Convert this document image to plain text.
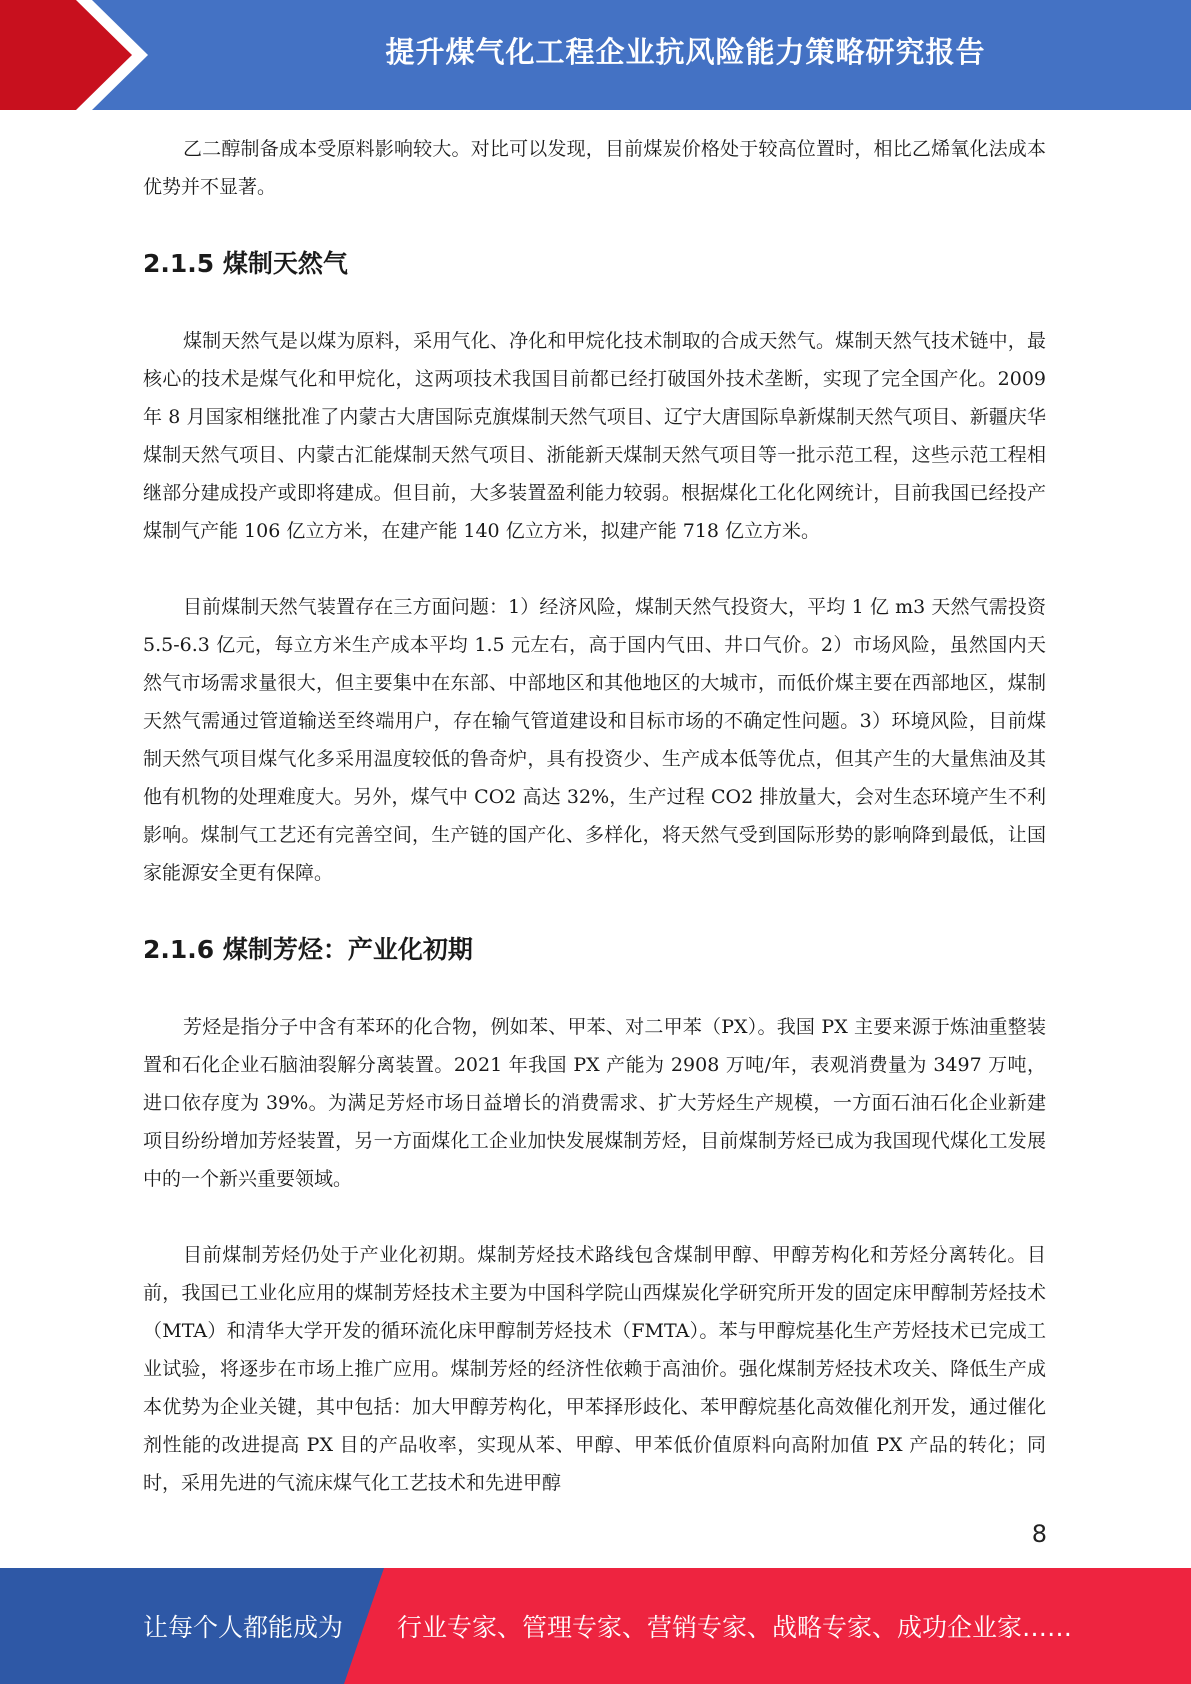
提升煤气化工程企业抗风险能力策略研究报告

乙二醇制备成本受原料影响较大。对比可以发现，目前煤炭价格处于较高位置时，相比乙烯氧化法成本优势并不显著。

2.1.5 煤制天然气

煤制天然气是以煤为原料，采用气化、净化和甲烷化技术制取的合成天然气。煤制天然气技术链中，最核心的技术是煤气化和甲烷化，这两项技术我国目前都已经打破国外技术垄断，实现了完全国产化。2009 年 8 月国家相继批准了内蒙古大唐国际克旗煤制天然气项目、辽宁大唐国际阜新煤制天然气项目、新疆庆华煤制天然气项目、内蒙古汇能煤制天然气项目、浙能新天煤制天然气项目等一批示范工程，这些示范工程相继部分建成投产或即将建成。但目前，大多装置盈利能力较弱。根据煤化工化化网统计，目前我国已经投产煤制气产能 106 亿立方米，在建产能 140 亿立方米，拟建产能 718 亿立方米。

目前煤制天然气装置存在三方面问题：1）经济风险，煤制天然气投资大，平均 1 亿 m3 天然气需投资 5.5-6.3 亿元，每立方米生产成本平均 1.5 元左右，高于国内气田、井口气价。2）市场风险，虽然国内天然气市场需求量很大，但主要集中在东部、中部地区和其他地区的大城市，而低价煤主要在西部地区，煤制天然气需通过管道输送至终端用户，存在输气管道建设和目标市场的不确定性问题。3）环境风险，目前煤制天然气项目煤气化多采用温度较低的鲁奇炉，具有投资少、生产成本低等优点，但其产生的大量焦油及其他有机物的处理难度大。另外，煤气中 CO2 高达 32%，生产过程 CO2 排放量大，会对生态环境产生不利影响。煤制气工艺还有完善空间，生产链的国产化、多样化，将天然气受到国际形势的影响降到最低，让国家能源安全更有保障。

2.1.6 煤制芳烃：产业化初期

芳烃是指分子中含有苯环的化合物，例如苯、甲苯、对二甲苯（PX）。我国 PX 主要来源于炼油重整装置和石化企业石脑油裂解分离装置。2021 年我国 PX 产能为 2908 万吨/年，表观消费量为 3497 万吨，进口依存度为 39%。为满足芳烃市场日益增长的消费需求、扩大芳烃生产规模，一方面石油石化企业新建项目纷纷增加芳烃装置，另一方面煤化工企业加快发展煤制芳烃，目前煤制芳烃已成为我国现代煤化工发展中的一个新兴重要领域。

目前煤制芳烃仍处于产业化初期。煤制芳烃技术路线包含煤制甲醇、甲醇芳构化和芳烃分离转化。目前，我国已工业化应用的煤制芳烃技术主要为中国科学院山西煤炭化学研究所开发的固定床甲醇制芳烃技术（MTA）和清华大学开发的循环流化床甲醇制芳烃技术（FMTA）。苯与甲醇烷基化生产芳烃技术已完成工业试验，将逐步在市场上推广应用。煤制芳烃的经济性依赖于高油价。强化煤制芳烃技术攻关、降低生产成本优势为企业关键，其中包括：加大甲醇芳构化，甲苯择形歧化、苯甲醇烷基化高效催化剂开发，通过催化剂性能的改进提高 PX 目的产品收率，实现从苯、甲醇、甲苯低价值原料向高附加值 PX 产品的转化；同时，采用先进的气流床煤气化工艺技术和先进甲醇

8
让每个人都能成为 行业专家、管理专家、营销专家、战略专家、成功企业家……
